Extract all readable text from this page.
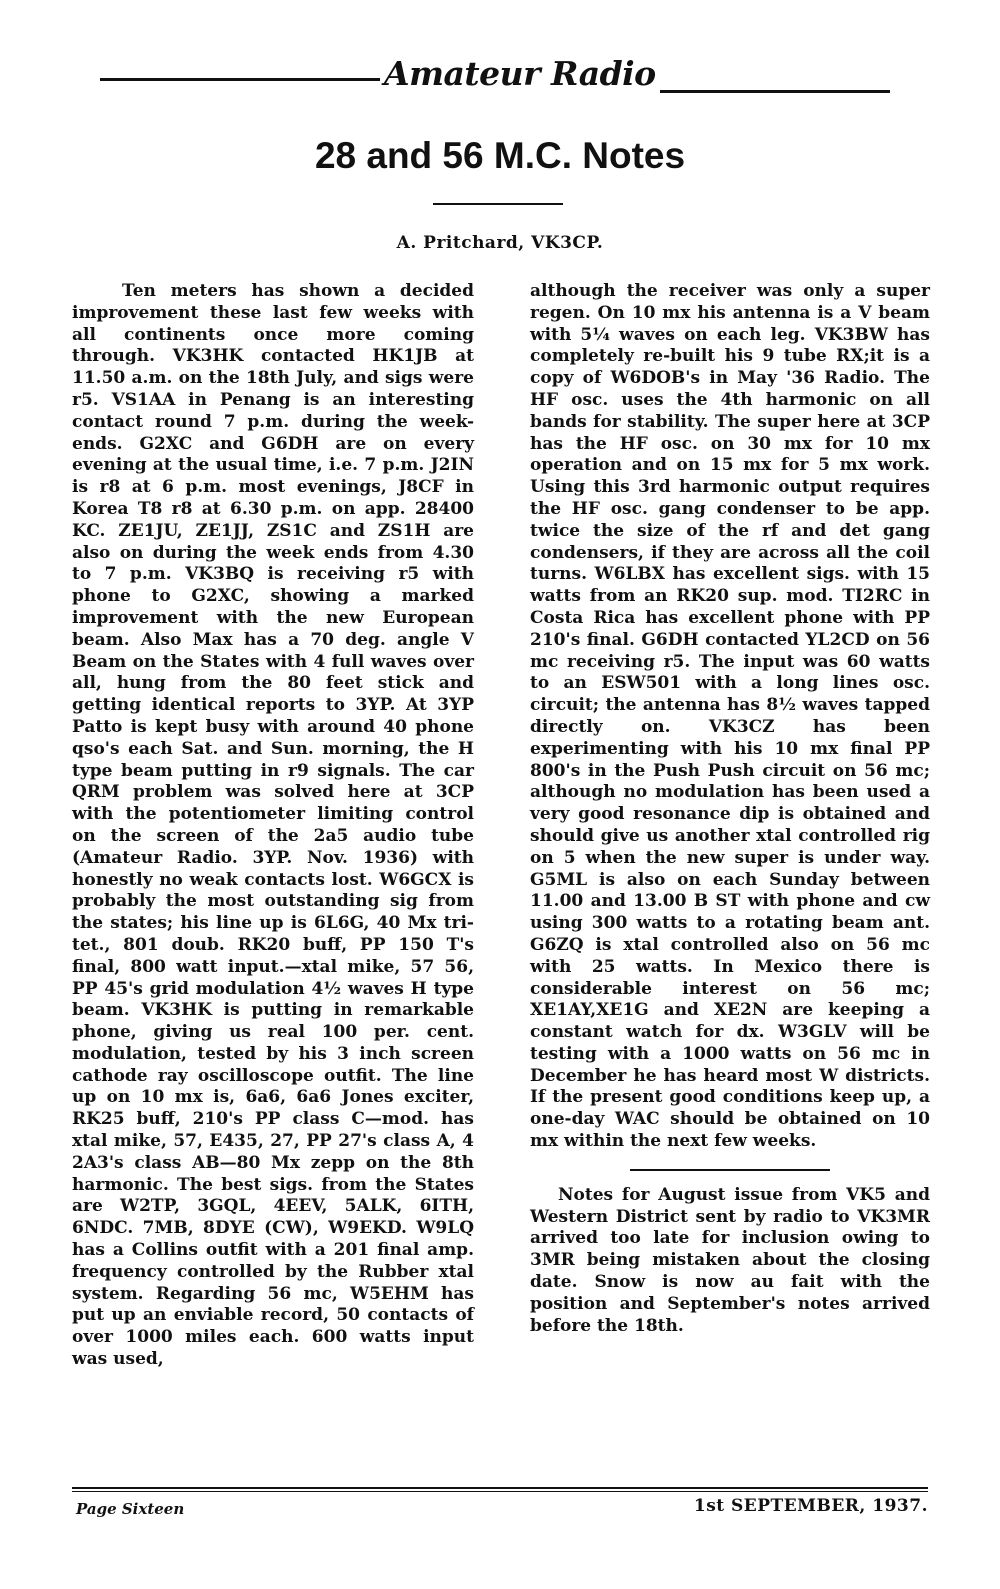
Amateur Radio
28 and 56 M.C. Notes
A. Pritchard, VK3CP.

Ten meters has shown a decided improvement these last few weeks with all continents once more coming through. VK3HK contacted HK1JB at 11.50 a.m. on the 18th July, and sigs were r5. VS1AA in Penang is an interesting contact round 7 p.m. during the week-ends. G2XC and G6DH are on every evening at the usual time, i.e. 7 p.m. J2IN is r8 at 6 p.m. most evenings, J8CF in Korea T8 r8 at 6.30 p.m. on app. 28400 KC. ZE1JU, ZE1JJ, ZS1C and ZS1H are also on during the week ends from 4.30 to 7 p.m. VK3BQ is receiving r5 with phone to G2XC, showing a marked improvement with the new European beam. Also Max has a 70 deg. angle V Beam on the States with 4 full waves over all, hung from the 80 feet stick and getting identical reports to 3YP. At 3YP Patto is kept busy with around 40 phone qso's each Sat. and Sun. morning, the H type beam putting in r9 signals. The car QRM problem was solved here at 3CP with the potentiometer limiting control on the screen of the 2a5 audio tube (Amateur Radio. 3YP. Nov. 1936) with honestly no weak contacts lost. W6GCX is probably the most outstanding sig from the states; his line up is 6L6G, 40 Mx tri-tet., 801 doub. RK20 buff, PP 150 T's final, 800 watt input.—xtal mike, 57 56, PP 45's grid modulation 4½ waves H type beam. VK3HK is putting in remarkable phone, giving us real 100 per. cent. modulation, tested by his 3 inch screen cathode ray oscilloscope outfit. The line up on 10 mx is, 6a6, 6a6 Jones exciter, RK25 buff, 210's PP class C—mod. has xtal mike, 57, E435, 27, PP 27's class A, 4 2A3's class AB—80 Mx zepp on the 8th harmonic. The best sigs. from the States are W2TP, 3GQL, 4EEV, 5ALK, 6ITH, 6NDC. 7MB, 8DYE (CW), W9EKD. W9LQ has a Collins outfit with a 201 final amp. frequency controlled by the Rubber xtal system. Regarding 56 mc, W5EHM has put up an enviable record, 50 contacts of over 1000 miles each. 600 watts input was used,

although the receiver was only a super regen. On 10 mx his antenna is a V beam with 5¼ waves on each leg. VK3BW has completely re-built his 9 tube RX;it is a copy of W6DOB's in May '36 Radio. The HF osc. uses the 4th harmonic on all bands for stability. The super here at 3CP has the HF osc. on 30 mx for 10 mx operation and on 15 mx for 5 mx work. Using this 3rd harmonic output requires the HF osc. gang condenser to be app. twice the size of the rf and det gang condensers, if they are across all the coil turns. W6LBX has excellent sigs. with 15 watts from an RK20 sup. mod. TI2RC in Costa Rica has excellent phone with PP 210's final. G6DH contacted YL2CD on 56 mc receiving r5. The input was 60 watts to an ESW501 with a long lines osc. circuit; the antenna has 8½ waves tapped directly on. VK3CZ has been experimenting with his 10 mx final PP 800's in the Push Push circuit on 56 mc; although no modulation has been used a very good resonance dip is obtained and should give us another xtal controlled rig on 5 when the new super is under way. G5ML is also on each Sunday between 11.00 and 13.00 B ST with phone and cw using 300 watts to a rotating beam ant. G6ZQ is xtal controlled also on 56 mc with 25 watts. In Mexico there is considerable interest on 56 mc; XE1AY,XE1G and XE2N are keeping a constant watch for dx. W3GLV will be testing with a 1000 watts on 56 mc in December he has heard most W districts. If the present good conditions keep up, a one-day WAC should be obtained on 10 mx within the next few weeks.

Notes for August issue from VK5 and Western District sent by radio to VK3MR arrived too late for inclusion owing to 3MR being mistaken about the closing date. Snow is now au fait with the position and September's notes arrived before the 18th.

Page Sixteen	1st SEPTEMBER, 1937.
